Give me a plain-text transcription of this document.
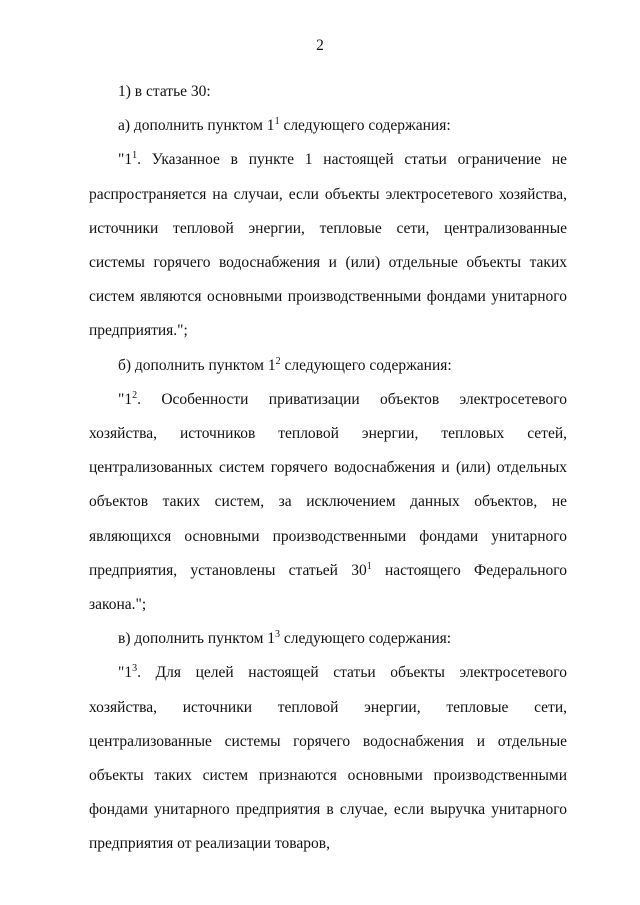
2

1) в статье 30:

а) дополнить пунктом $1^1$ следующего содержания:

"$1^1$. Указанное в пункте 1 настоящей статьи ограничение не распространяется на случаи, если объекты электросетевого хозяйства, источники тепловой энергии, тепловые сети, централизованные системы горячего водоснабжения и (или) отдельные объекты таких систем являются основными производственными фондами унитарного предприятия.";

б) дополнить пунктом $1^2$ следующего содержания:

"$1^2$. Особенности приватизации объектов электросетевого хозяйства, источников тепловой энергии, тепловых сетей, централизованных систем горячего водоснабжения и (или) отдельных объектов таких систем, за исключением данных объектов, не являющихся основными производственными фондами унитарного предприятия, установлены статьей $30^1$ настоящего Федерального закона.";

в) дополнить пунктом $1^3$ следующего содержания:

"$1^3$. Для целей настоящей статьи объекты электросетевого хозяйства, источники тепловой энергии, тепловые сети, централизованные системы горячего водоснабжения и отдельные объекты таких систем признаются основными производственными фондами унитарного предприятия в случае, если выручка унитарного предприятия от реализации товаров,
